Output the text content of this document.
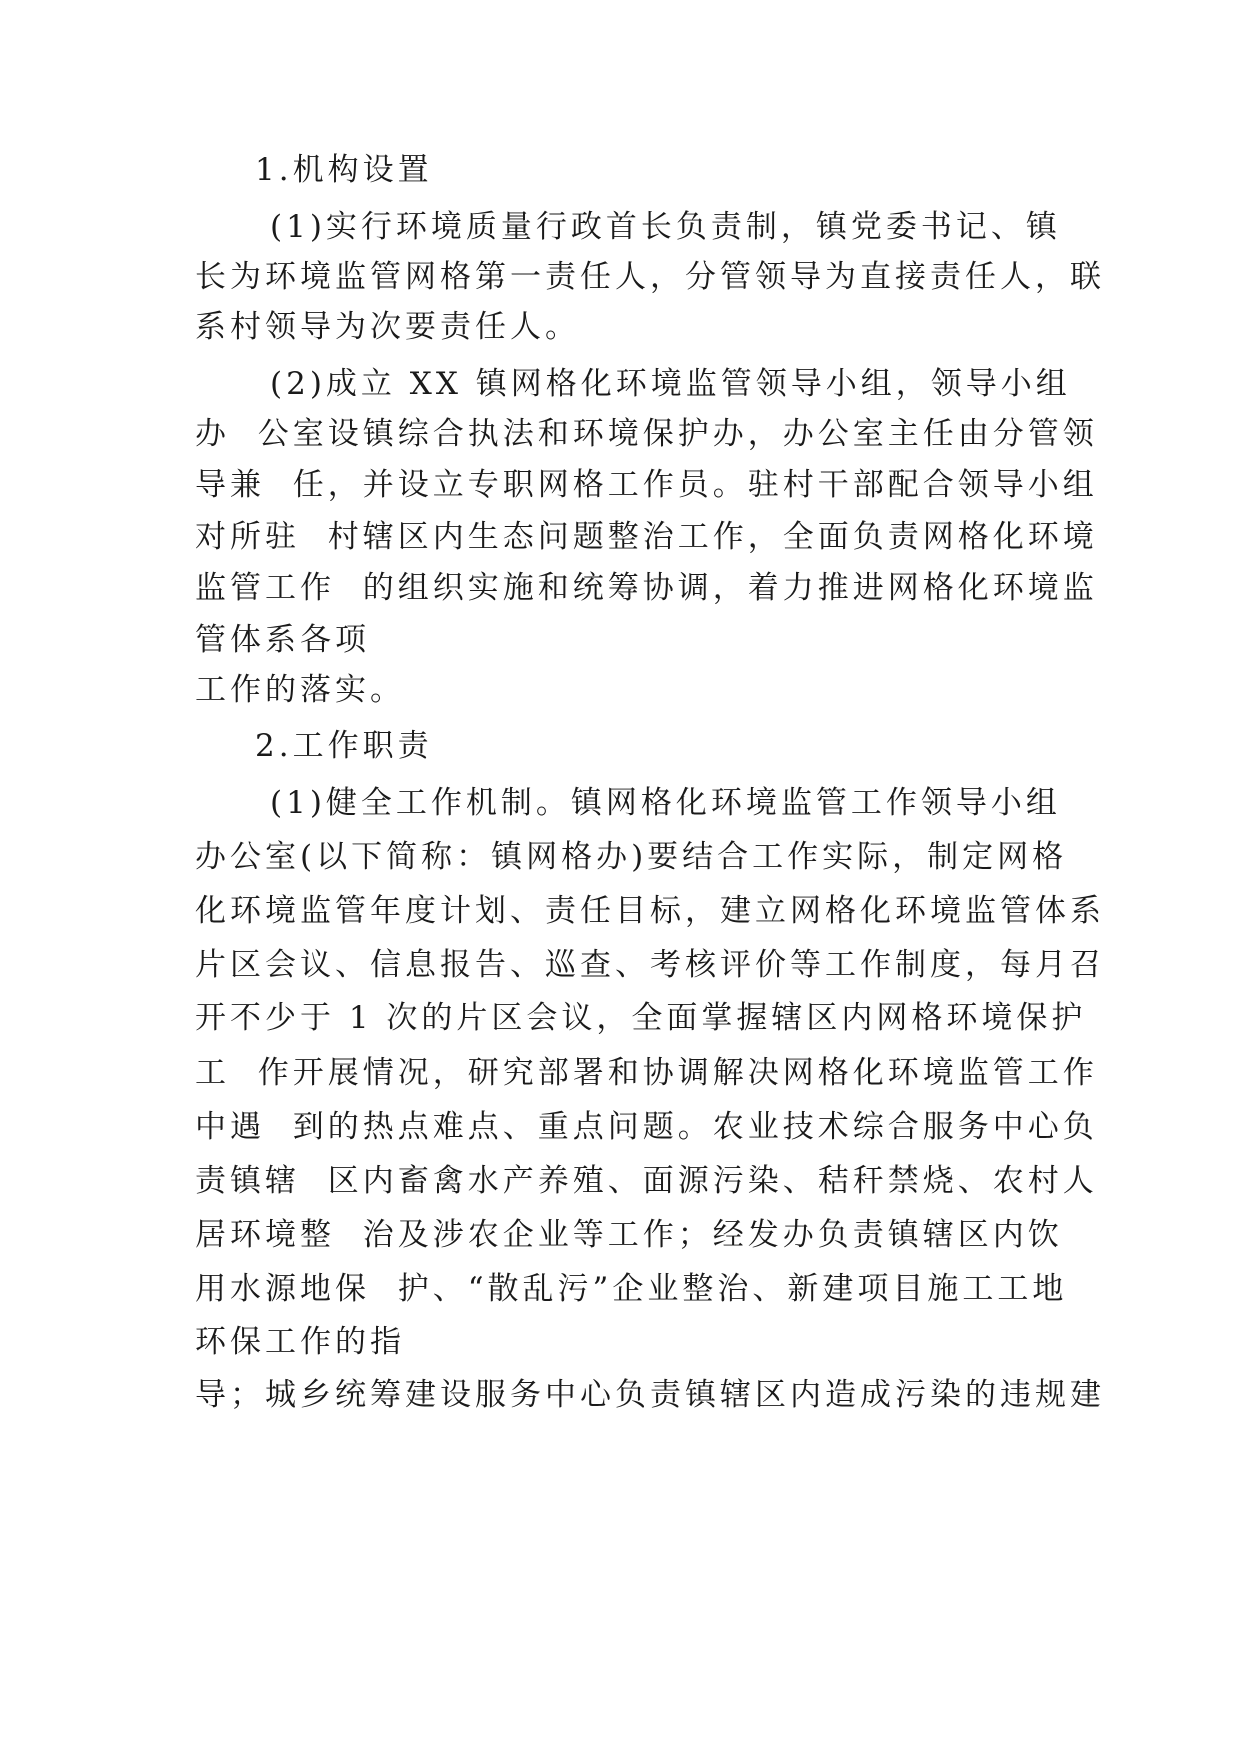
1.机构设置
(1)实行环境质量行政首长负责制，镇党委书记、镇
长为环境监管网格第一责任人，分管领导为直接责任人，联
系村领导为次要责任人。
(2)成立 XX 镇网格化环境监管领导小组，领导小组
办  公室设镇综合执法和环境保护办，办公室主任由分管领
导兼  任，并设立专职网格工作员。驻村干部配合领导小组
对所驻  村辖区内生态问题整治工作，全面负责网格化环境
监管工作  的组织实施和统筹协调，着力推进网格化环境监
管体系各项
工作的落实。
2.工作职责
(1)健全工作机制。镇网格化环境监管工作领导小组
办公室(以下简称：镇网格办)要结合工作实际，制定网格
化环境监管年度计划、责任目标，建立网格化环境监管体系
片区会议、信息报告、巡查、考核评价等工作制度，每月召
开不少于 1 次的片区会议，全面掌握辖区内网格环境保护
工  作开展情况，研究部署和协调解决网格化环境监管工作
中遇  到的热点难点、重点问题。农业技术综合服务中心负
责镇辖  区内畜禽水产养殖、面源污染、秸秆禁烧、农村人
居环境整  治及涉农企业等工作；经发办负责镇辖区内饮
用水源地保  护、“散乱污”企业整治、新建项目施工工地
环保工作的指
导；城乡统筹建设服务中心负责镇辖区内造成污染的违规建
